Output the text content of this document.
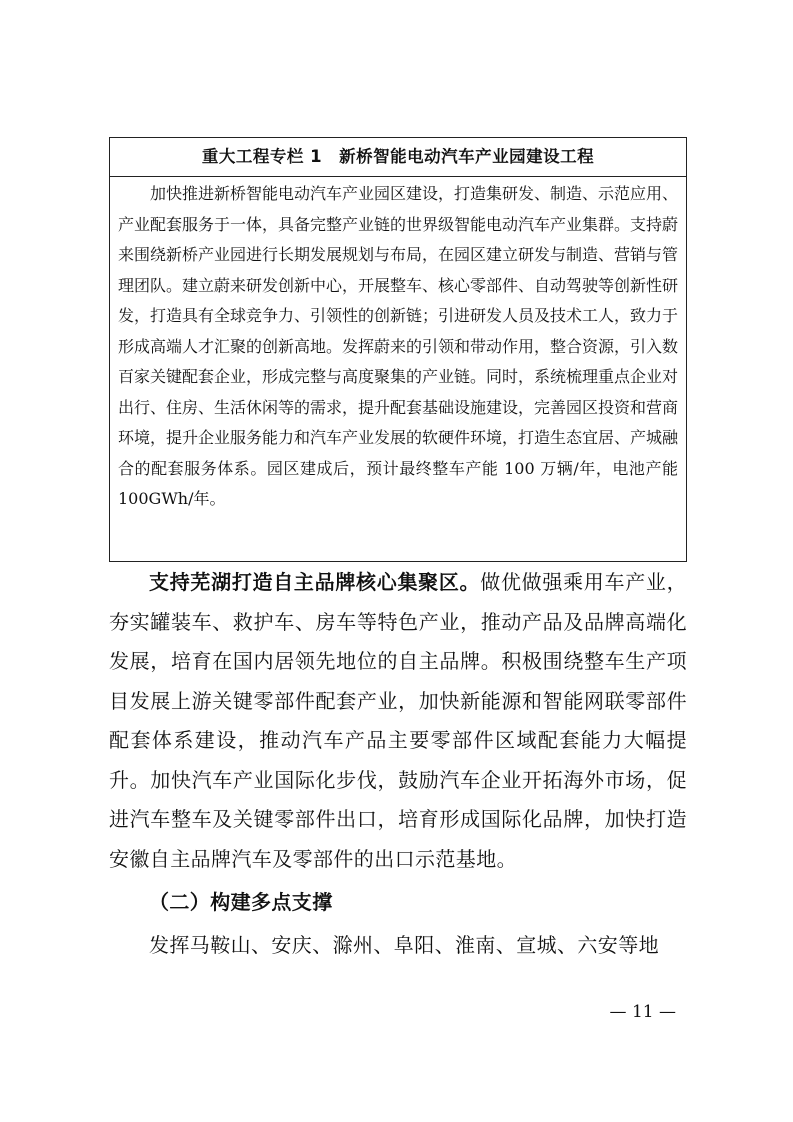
重大工程专栏 1　新桥智能电动汽车产业园建设工程
加快推进新桥智能电动汽车产业园区建设，打造集研发、制造、示范应用、产业配套服务于一体，具备完整产业链的世界级智能电动汽车产业集群。支持蔚来围绕新桥产业园进行长期发展规划与布局，在园区建立研发与制造、营销与管理团队。建立蔚来研发创新中心，开展整车、核心零部件、自动驾驶等创新性研发，打造具有全球竞争力、引领性的创新链；引进研发人员及技术工人，致力于形成高端人才汇聚的创新高地。发挥蔚来的引领和带动作用，整合资源，引入数百家关键配套企业，形成完整与高度聚集的产业链。同时，系统梳理重点企业对出行、住房、生活休闲等的需求，提升配套基础设施建设，完善园区投资和营商环境，提升企业服务能力和汽车产业发展的软硬件环境，打造生态宜居、产城融合的配套服务体系。园区建成后，预计最终整车产能 100 万辆/年，电池产能 100GWh/年。
支持芜湖打造自主品牌核心集聚区。做优做强乘用车产业，夯实罐装车、救护车、房车等特色产业，推动产品及品牌高端化发展，培育在国内居领先地位的自主品牌。积极围绕整车生产项目发展上游关键零部件配套产业，加快新能源和智能网联零部件配套体系建设，推动汽车产品主要零部件区域配套能力大幅提升。加快汽车产业国际化步伐，鼓励汽车企业开拓海外市场，促进汽车整车及关键零部件出口，培育形成国际化品牌，加快打造安徽自主品牌汽车及零部件的出口示范基地。
（二）构建多点支撑
发挥马鞍山、安庆、滁州、阜阳、淮南、宣城、六安等地
— 11 —
